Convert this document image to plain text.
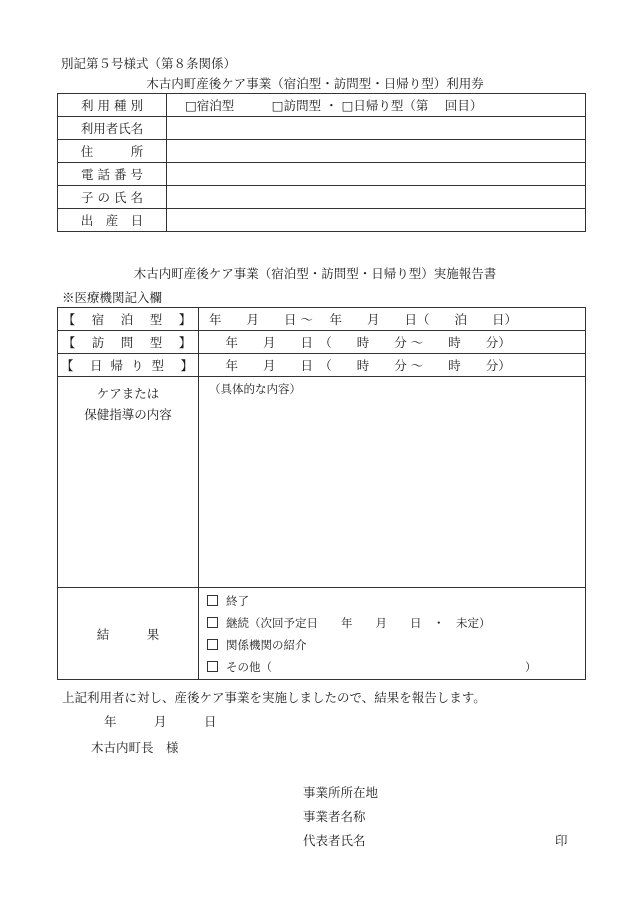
別記第５号様式（第８条関係）
木古内町産後ケア事業（宿泊型・訪問型・日帰り型）利用券
利 用 種 別	□宿泊型　　　□訪問型 ・ □日帰り型（第　 回目）
利用者氏名	
住　　　所	
電 話 番 号	
子 の 氏 名	
出　産　日	
木古内町産後ケア事業（宿泊型・訪問型・日帰り型）実施報告書
※医療機関記入欄
【　宿　泊　型　】	年　　月　　日 〜　 年　　月　　日（　　泊　　日）
【　訪　問　型　】	　 年　　月　　日　（　　時　　分 〜　　時　　分）
【　日 帰 り 型　】	　 年　　月　　日　（　　時　　分 〜　　時　　分）

ケアまたは
保健指導の内容	（具体的な内容）
結　　　果	終了
継続（次回予定日　　年　　月　　日　・　未定）
関係機関の紹介
その他（　　　　　　　　　　　　　　　　　　　　　　）
上記利用者に対し、産後ケア事業を実施しましたので、結果を報告します。
年　　　月　　　日
木古内町長　様
事業所所在地
事業者名称
代表者氏名	印
